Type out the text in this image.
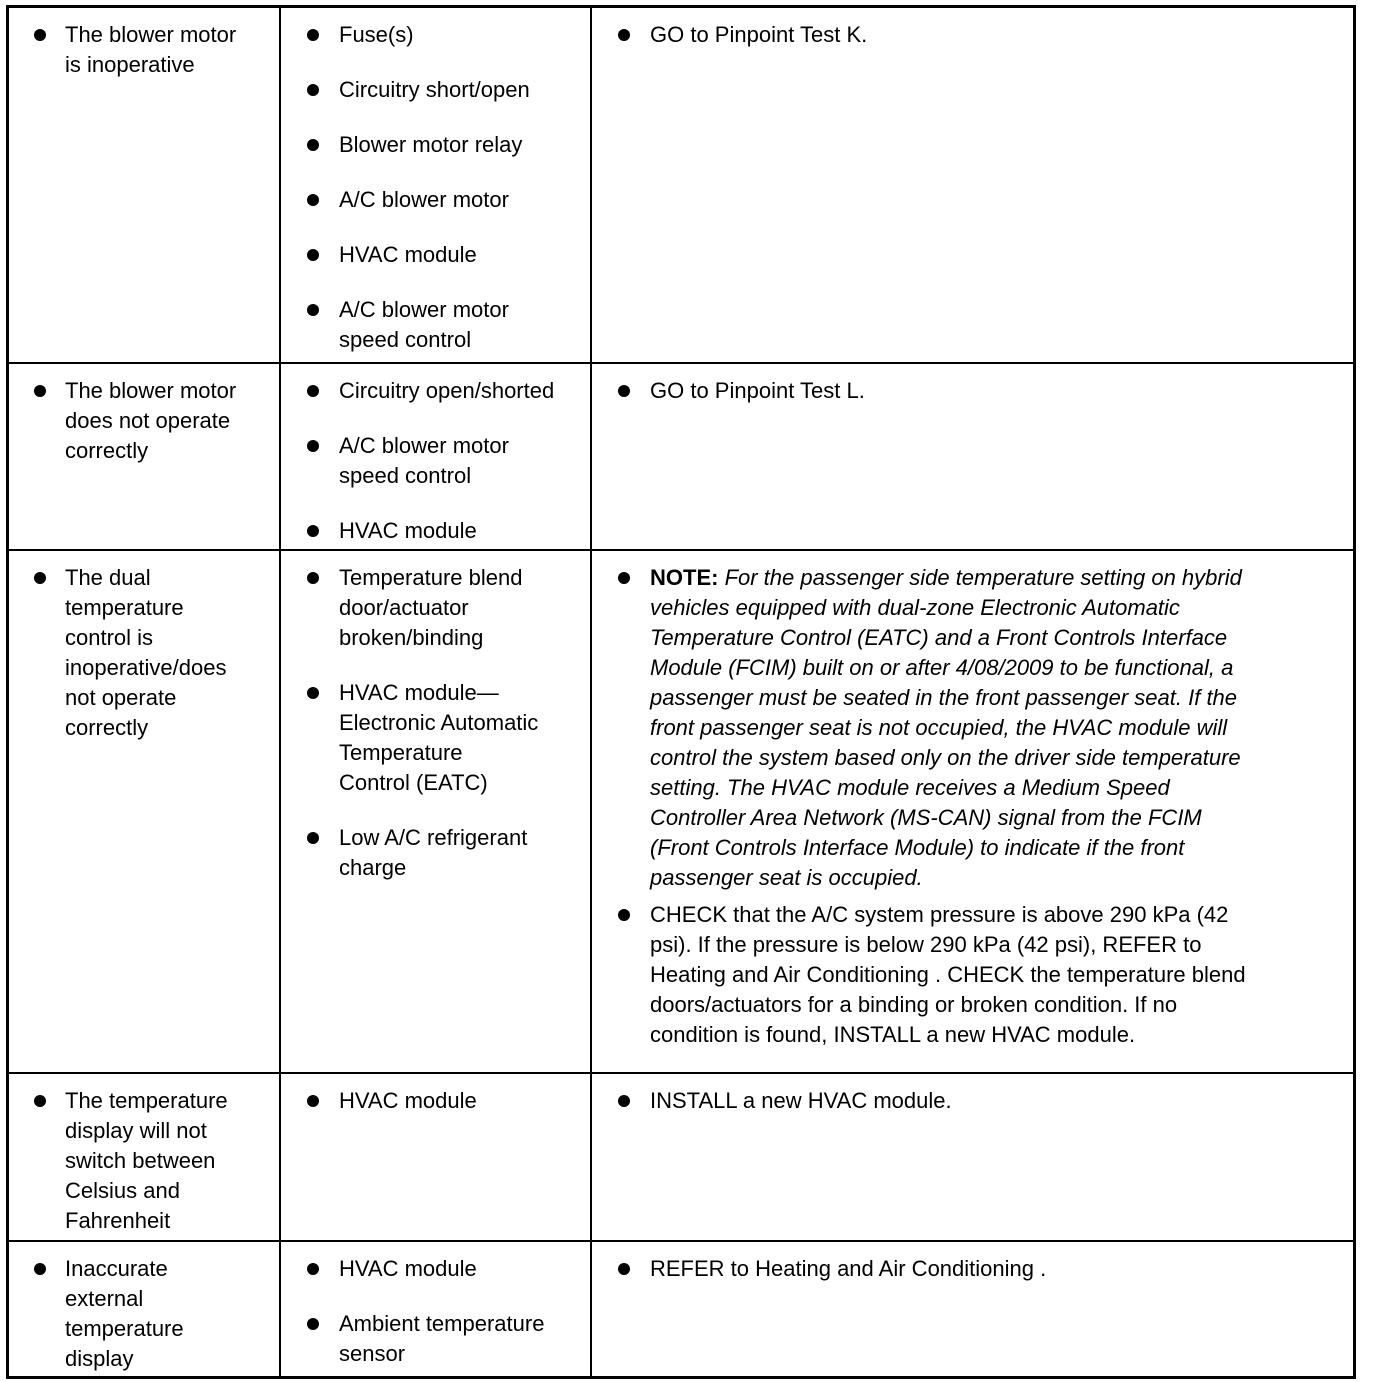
The blower motor
is inoperative
Fuse(s)
Circuitry short/open
Blower motor relay
A/C blower motor
HVAC module
A/C blower motor
speed control
GO to Pinpoint Test K.
The blower motor
does not operate
correctly
Circuitry open/shorted
A/C blower motor
speed control
HVAC module
GO to Pinpoint Test L.
The dual
temperature
control is
inoperative/does
not operate
correctly
Temperature blend
door/actuator
broken/binding
HVAC module—
Electronic Automatic
Temperature
Control (EATC)
Low A/C refrigerant
charge
NOTE: For the passenger side temperature setting on hybrid
vehicles equipped with dual-zone Electronic Automatic
Temperature Control (EATC) and a Front Controls Interface
Module (FCIM) built on or after 4/08/2009 to be functional, a
passenger must be seated in the front passenger seat. If the
front passenger seat is not occupied, the HVAC module will
control the system based only on the driver side temperature
setting. The HVAC module receives a Medium Speed
Controller Area Network (MS-CAN) signal from the FCIM
(Front Controls Interface Module) to indicate if the front
passenger seat is occupied.
CHECK that the A/C system pressure is above 290 kPa (42
psi). If the pressure is below 290 kPa (42 psi), REFER to
Heating and Air Conditioning . CHECK the temperature blend
doors/actuators for a binding or broken condition. If no
condition is found, INSTALL a new HVAC module.
The temperature
display will not
switch between
Celsius and
Fahrenheit
HVAC module	INSTALL a new HVAC module.
Inaccurate
external
temperature
display
HVAC module
Ambient temperature
sensor
REFER to Heating and Air Conditioning .
